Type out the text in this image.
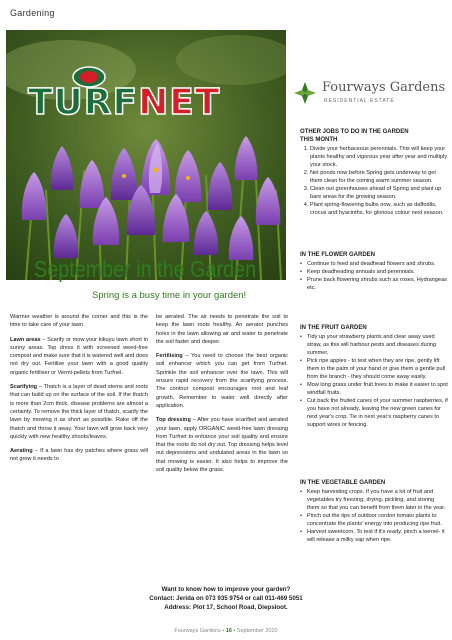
Gardening
TURFNET	Fourways Gardens
RESIDENTIAL ESTATE
September in the Garden
Spring is a busy time in your garden!

Warmer weather is around the corner and this is the time to take care of your lawn.

Lawn areas – Scarify or mow your kikuyu lawn short in sunny areas. Top dress it with screened weed-free compost and make sure that it is watered well and does not dry out. Fertilise your lawn with a good quality organic fertiliser or Vermi-pellets from Turfnet.

Scarifying – Thatch is a layer of dead stems and roots that can build up on the surface of the soil. If the thatch is more than 2cm thick, disease problems are almost a certainty. To remove the thick layer of thatch, scarify the lawn by mowing it as short as possible. Rake off the thatch and throw it away. Your lawn will grow back very quickly with new healthy shoots/leaves.

Aerating – If a lawn has dry patches where grass will not grow it needs to

be aerated. The air needs to penetrate the soil to keep the lawn roots healthy. An aerator punches holes in the lawn allowing air and water to penetrate the soil faster and deeper.

Fertilising – You need to choose the best organic soil enhancer which you can get from Turfnet. Sprinkle the soil enhancer over the lawn. This will ensure rapid recovery from the scarifying process. The contour compost encourages root and leaf growth. Remember to water well directly after application.

Top dressing – After you have scarified and aerated your lawn, apply ORGANIC weed-free lawn dressing from Turfnet to enhance your soil quality and ensure that the roots do not dry out. Top dressing helps level out depressions and undulated areas in the lawn so that mowing is easier. It also helps to improve the soil quality below the grass.

OTHER JOBS TO DO IN THE GARDEN
THIS MONTH
1. Divide your herbaceous perennials. This will keep your plants healthy and vigorous year after year and multiply your stock.
2. Net ponds now before Spring gets underway to get them clean for the coming warm summer season.
3. Clean out greenhouses ahead of Spring and plant up bare areas for the growing season.
4. Plant spring-flowering bulbs now, such as daffodils, crocus and hyacinths, for glorious colour next season.
IN THE FLOWER GARDEN
• Continue to feed and deadhead flowers and shrubs.
• Keep deadheading annuals and perennials.
• Prune back flowering shrubs such as roses, Hydrangeas etc.
IN THE FRUIT GARDEN
• Tidy up your strawberry plants and clear away used straw, as this will harbour pests and diseases during summer.
• Pick ripe apples - to test when they are ripe, gently lift them in the palm of your hand or give them a gentle pull from the branch - they should come away easily.
• Mow long grass under fruit trees to make it easier to spot windfall fruits.
• Cut back the fruited canes of your summer raspberries, if you have not already, leaving the new green canes for next year's crop. Tie in next year's raspberry canes to support wires or fencing.
IN THE VEGETABLE GARDEN
• Keep harvesting crops. If you have a lot of fruit and vegetables try freezing, drying, pickling, and storing them so that you can benefit from them later in the year.
• Pinch out the tips of outdoor cordon tomato plants to concentrate the plants' energy into producing ripe fruit.
• Harvest sweetcorn. To test if it's ready, pinch a kernel- it will release a milky sap when ripe.
Want to know how to improve your garden?
Contact: Jerida on 073 935 9754 or call 011-469 5051
Address: Plot 17, School Road, Diepsloot.
Fourways Gardens • 16 • September 2020
